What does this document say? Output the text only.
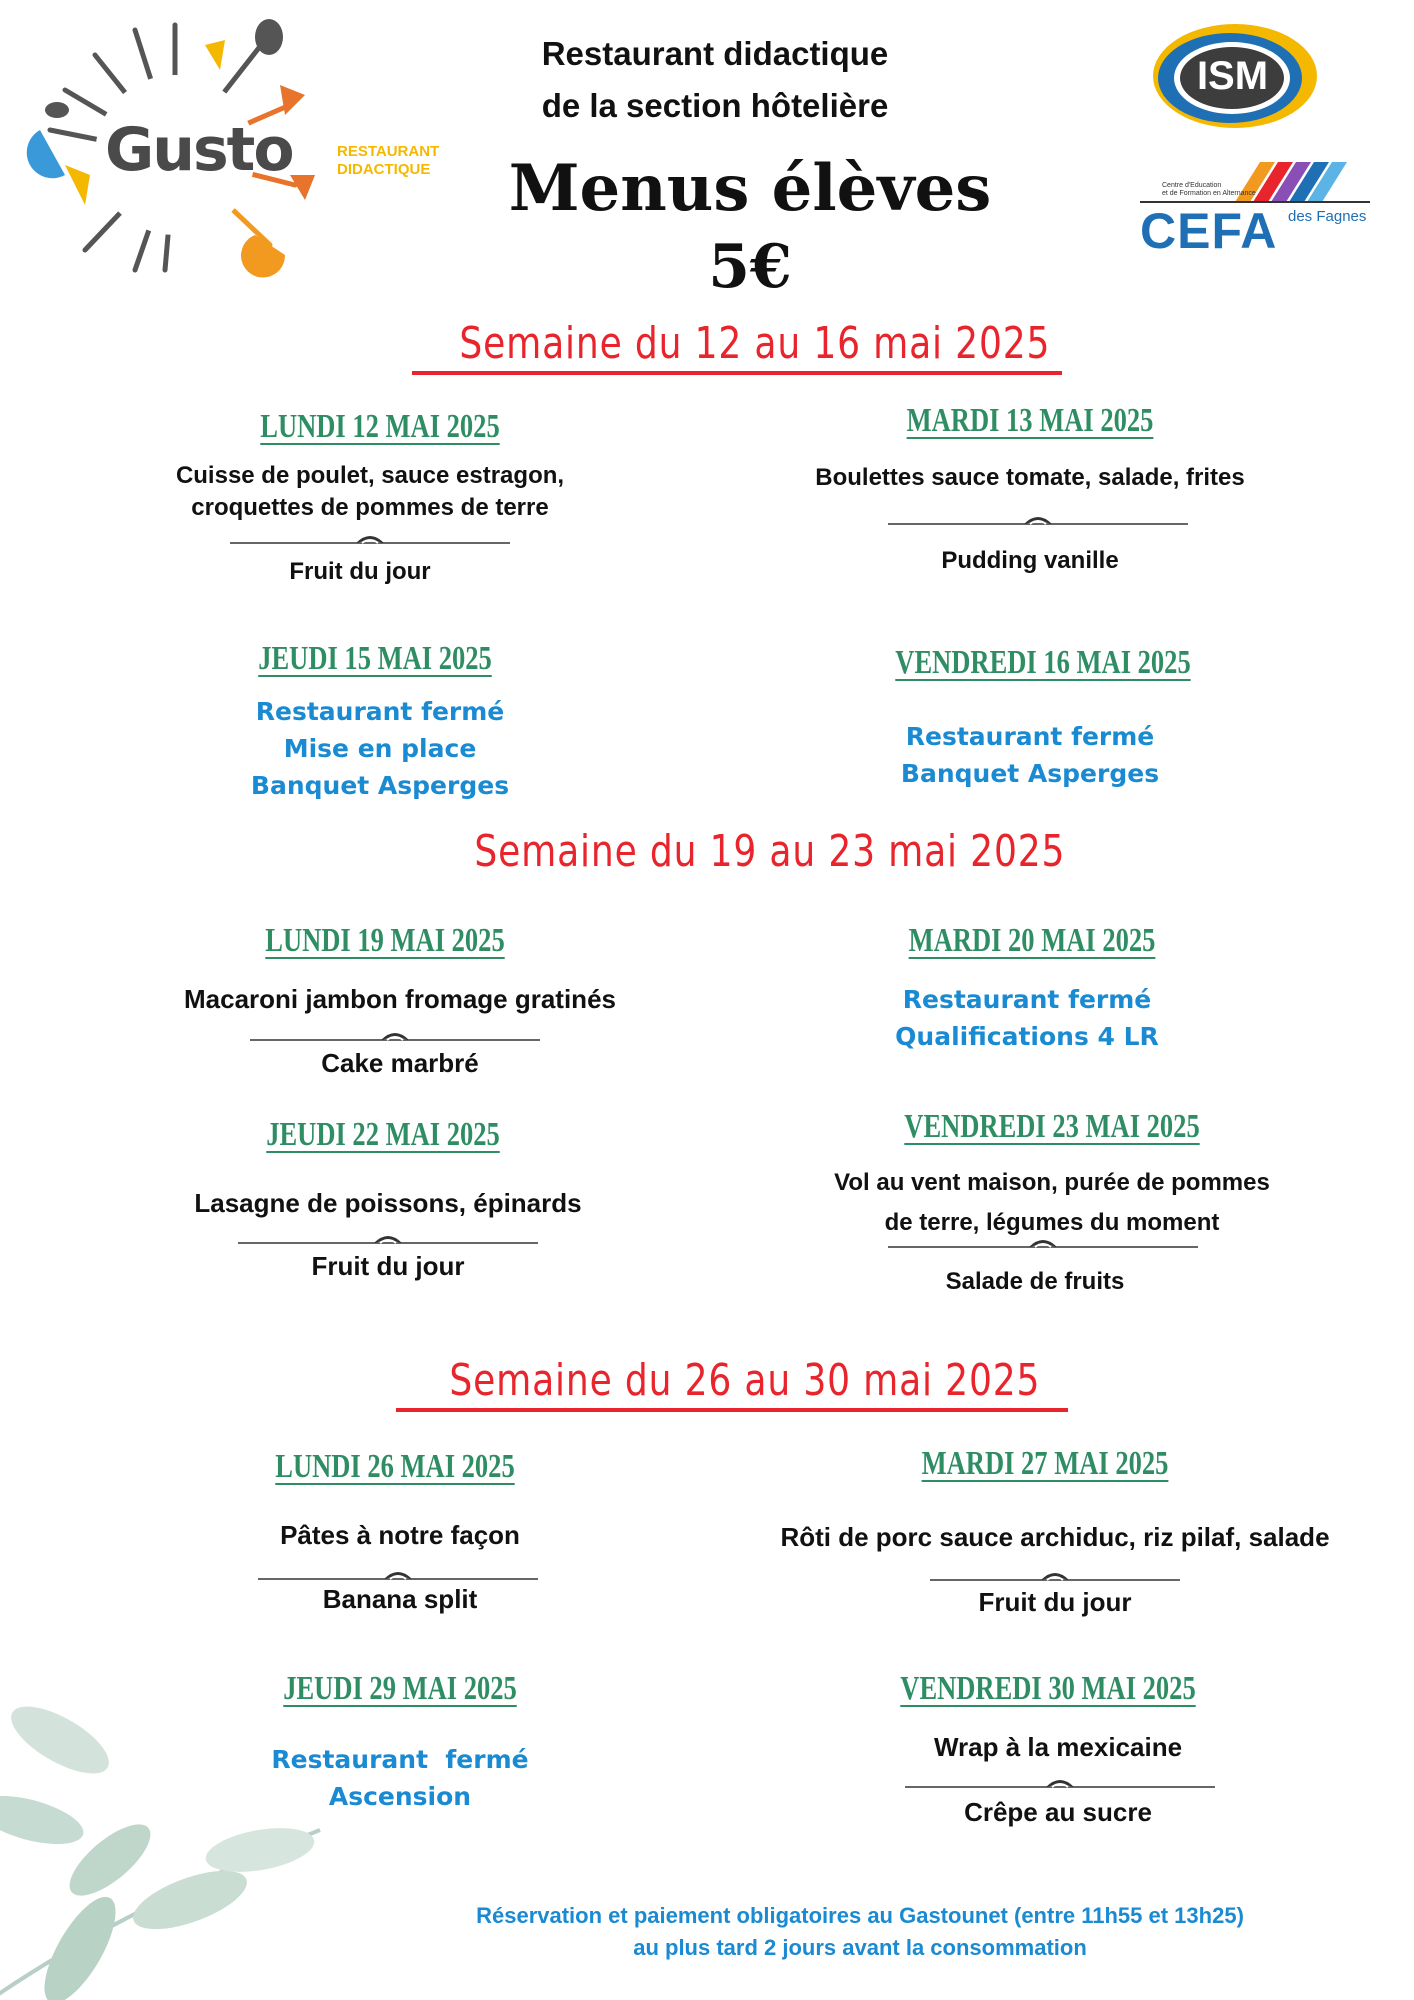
Gusto	RESTAURANT
DIDACTIQUE
ISM
Centre d'Education
et de Formation en Alternance
CEFA des Fagnes
Restaurant didactique
de la section hôtelière
Menus élèves
5€
Semaine du 12 au 16 mai 2025
LUNDI 12 MAI 2025
Cuisse de poulet, sauce estragon,
croquettes de pommes de terre
Fruit du jour
MARDI 13 MAI 2025
Boulettes sauce tomate, salade, frites
Pudding vanille
JEUDI 15 MAI 2025
Restaurant fermé
Mise en place
Banquet Asperges
VENDREDI 16 MAI 2025
Restaurant fermé
Banquet Asperges
Semaine du 19 au 23 mai 2025
LUNDI 19 MAI 2025
Macaroni jambon fromage gratinés
Cake marbré
MARDI 20 MAI 2025
Restaurant fermé
Qualifications 4 LR
JEUDI 22 MAI 2025
Lasagne de poissons, épinards
Fruit du jour
VENDREDI 23 MAI 2025
Vol au vent maison, purée de pommes
de terre, légumes du moment
Salade de fruits
Semaine du 26 au 30 mai 2025
LUNDI 26 MAI 2025
Pâtes à notre façon
Banana split
MARDI 27 MAI 2025
Rôti de porc sauce archiduc, riz pilaf, salade
Fruit du jour
JEUDI 29 MAI 2025
Restaurant  fermé
Ascension
VENDREDI 30 MAI 2025
Wrap à la mexicaine
Crêpe au sucre
Réservation et paiement obligatoires au Gastounet (entre 11h55 et 13h25)
au plus tard 2 jours avant la consommation
